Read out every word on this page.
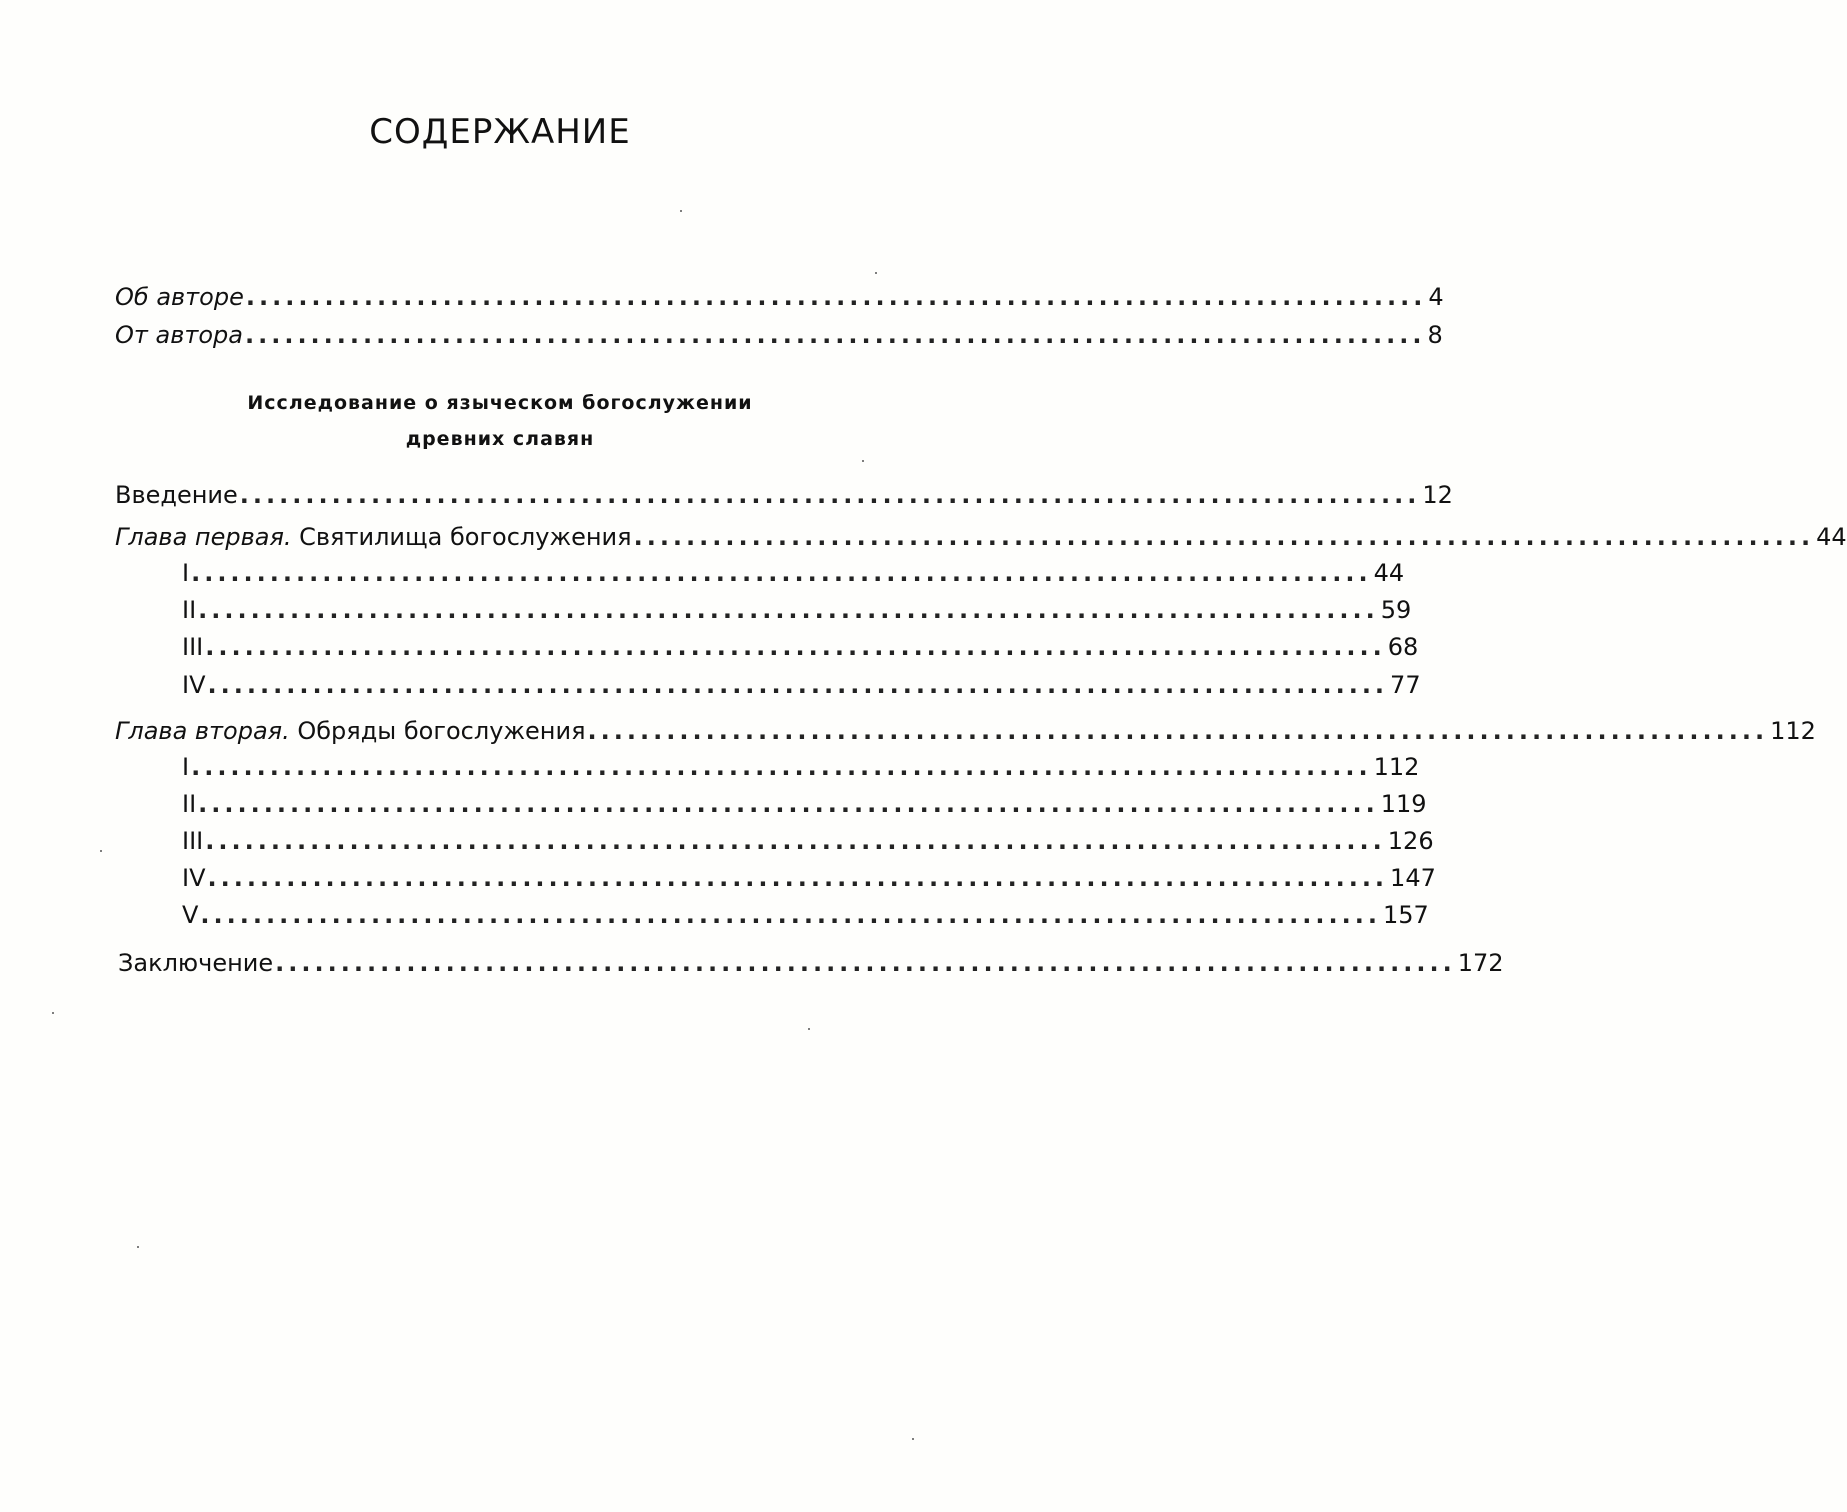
СОДЕРЖАНИЕ
Об авторе .......................................................................................... 4
От автора .......................................................................................... 8
Исследование о языческом богослужении
древних славян
Введение .......................................................................................... 12
Глава первая. Святилища богослужения .......................................................................................... 44
I .......................................................................................... 44
II .......................................................................................... 59
III .......................................................................................... 68
IV .......................................................................................... 77
Глава вторая. Обряды богослужения .......................................................................................... 112
I .......................................................................................... 112
II .......................................................................................... 119
III .......................................................................................... 126
IV .......................................................................................... 147
V .......................................................................................... 157
Заключение .......................................................................................... 172
